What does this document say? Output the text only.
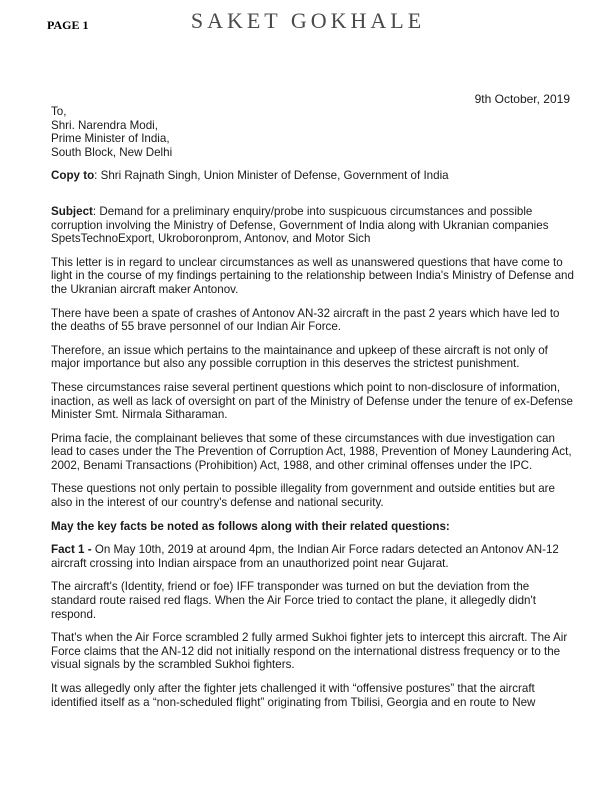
PAGE 1	SAKET GOKHALE
9th October, 2019
To,
Shri. Narendra Modi,
Prime Minister of India,
South Block, New Delhi

Copy to: Shri Rajnath Singh, Union Minister of Defense, Government of India

Subject: Demand for a preliminary enquiry/probe into suspicuous circumstances and possible corruption involving the Ministry of Defense, Government of India along with Ukranian companies SpetsTechnoExport, Ukroboronprom, Antonov, and Motor Sich

This letter is in regard to unclear circumstances as well as unanswered questions that have come to light in the course of my findings pertaining to the relationship between India's Ministry of Defense and the Ukranian aircraft maker Antonov.

There have been a spate of crashes of Antonov AN-32 aircraft in the past 2 years which have led to the deaths of 55 brave personnel of our Indian Air Force.

Therefore, an issue which pertains to the maintainance and upkeep of these aircraft is not only of major importance but also any possible corruption in this deserves the strictest punishment.

These circumstances raise several pertinent questions which point to non-disclosure of information, inaction, as well as lack of oversight on part of the Ministry of Defense under the tenure of ex-Defense Minister Smt. Nirmala Sitharaman.

Prima facie, the complainant believes that some of these circumstances with due investigation can lead to cases under the The Prevention of Corruption Act, 1988, Prevention of Money Laundering Act, 2002, Benami Transactions (Prohibition) Act, 1988, and other criminal offenses under the IPC.

These questions not only pertain to possible illegality from government and outside entities but are also in the interest of our country's defense and national security.

May the key facts be noted as follows along with their related questions:

Fact 1 - On May 10th, 2019 at around 4pm, the Indian Air Force radars detected an Antonov AN-12 aircraft crossing into Indian airspace from an unauthorized point near Gujarat.

The aircraft's (Identity, friend or foe) IFF transponder was turned on but the deviation from the standard route raised red flags. When the Air Force tried to contact the plane, it allegedly didn't respond.

That's when the Air Force scrambled 2 fully armed Sukhoi fighter jets to intercept this aircraft. The Air Force claims that the AN-12 did not initially respond on the international distress frequency or to the visual signals by the scrambled Sukhoi fighters.

It was allegedly only after the fighter jets challenged it with “offensive postures” that the aircraft identified itself as a “non-scheduled flight” originating from Tbilisi, Georgia and en route to New
